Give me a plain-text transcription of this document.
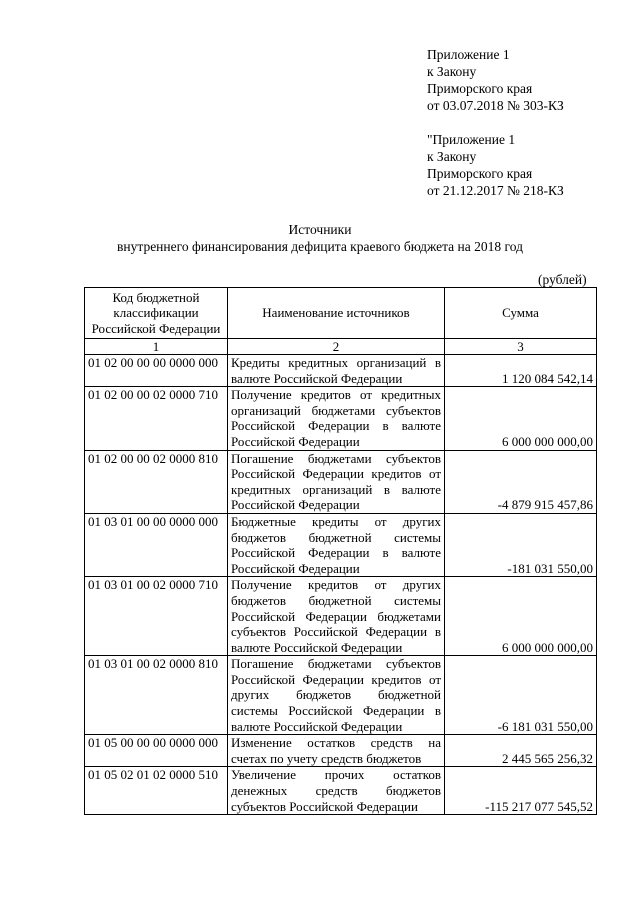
Приложение 1
к Закону
Приморского края
от 03.07.2018 № 303-КЗ
"Приложение 1
к Закону
Приморского края
от 21.12.2017 № 218-КЗ
Источники
внутреннего финансирования дефицита краевого бюджета на 2018 год
(рублей)
Код бюджетной
классификации
Российской Федерации	Наименование источников	Сумма
1	2	3
01 02 00 00 00 0000 000	Кредиты кредитных организаций в валюте Российской Федерации	1 120 084 542,14
01 02 00 00 02 0000 710	Получение кредитов от кредитных организаций бюджетами субъектов Российской Федерации в валюте Российской Федерации	6 000 000 000,00
01 02 00 00 02 0000 810	Погашение бюджетами субъектов Российской Федерации кредитов от кредитных организаций в валюте Российской Федерации	-4 879 915 457,86
01 03 01 00 00 0000 000	Бюджетные кредиты от других бюджетов бюджетной системы Российской Федерации в валюте Российской Федерации	-181 031 550,00
01 03 01 00 02 0000 710	Получение кредитов от других бюджетов бюджетной системы Российской Федерации бюджетами субъектов Российской Федерации в валюте Российской Федерации	6 000 000 000,00
01 03 01 00 02 0000 810	Погашение бюджетами субъектов Российской Федерации кредитов от других бюджетов бюджетной системы Российской Федерации в валюте Российской Федерации	-6 181 031 550,00
01 05 00 00 00 0000 000	Изменение остатков средств на счетах по учету средств бюджетов	2 445 565 256,32
01 05 02 01 02 0000 510	Увеличение прочих остатков денежных средств бюджетов субъектов Российской Федерации	-115 217 077 545,52
